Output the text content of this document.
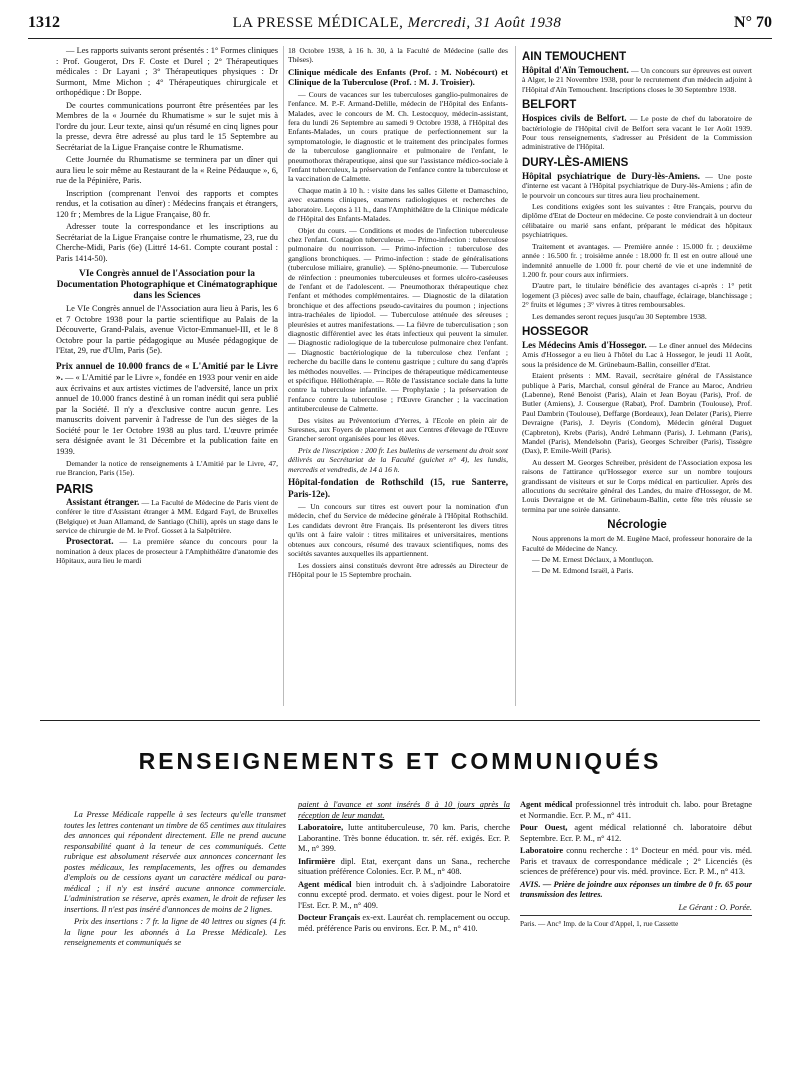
1312	LA PRESSE MÉDICALE, Mercredi, 31 Août 1938	N° 70

— Les rapports suivants seront présentés : 1° Formes cliniques : Prof. Gougerot, Drs F. Coste et Durel ; 2° Thérapeutiques médicales : Dr Layani ; 3° Thérapeutiques physiques : Dr Surmont, Mme Michon ; 4° Thérapeutiques chirurgicale et orthopédique : Dr Boppe.

De courtes communications pourront être présentées par les Membres de la « Journée du Rhumatisme » sur le sujet mis à l'ordre du jour. Leur texte, ainsi qu'un résumé en cinq lignes pour la presse, devra être adressé au plus tard le 15 Septembre au Secrétariat de la Ligue Française contre le Rhumatisme.

Cette Journée du Rhumatisme se terminera par un dîner qui aura lieu le soir même au Restaurant de la « Reine Pédauque », 6, rue de la Pépinière, Paris.

Inscription (comprenant l'envoi des rapports et comptes rendus, et la cotisation au dîner) : Médecins français et étrangers, 120 fr ; Membres de la Ligue Française, 80 fr.

Adresser toute la correspondance et les inscriptions au Secrétariat de la Ligue Française contre le rhumatisme, 23, rue du Cherche-Midi, Paris (6e) (Littré 14-61. Compte courant postal : Paris 1414-50).

VIe Congrès annuel de l'Association pour la Documentation Photographique et Cinématographique dans les Sciences

Le VIe Congrès annuel de l'Association aura lieu à Paris, les 6 et 7 Octobre 1938 pour la partie scientifique au Palais de la Découverte, Grand-Palais, avenue Victor-Emmanuel-III, et le 8 Octobre pour la partie pédagogique au Musée pédagogique de l'Etat, 29, rue d'Ulm, Paris (5e).

Prix annuel de 10.000 francs de « L'Amitié par le Livre ». — « L'Amitié par le Livre », fondée en 1933 pour venir en aide aux écrivains et aux artistes victimes de l'adversité, lance un prix annuel de 10.000 francs destiné à un roman inédit qui sera publié par la Société. Il n'y a d'exclusive contre aucun genre. Les manuscrits doivent parvenir à l'adresse de l'un des sièges de la Société pour le 1er Octobre 1938 au plus tard. L'œuvre primée sera désignée avant le 31 Décembre et la publication faite en 1939.

Demander la notice de renseignements à L'Amitié par le Livre, 47, rue Brancion, Paris (15e).

PARIS

Assistant étranger. — La Faculté de Médecine de Paris vient de conférer le titre d'Assistant étranger à MM. Edgard Fayl, de Bruxelles (Belgique) et Juan Allamand, de Santiago (Chili), après un stage dans le service de chirurgie de M. le Prof. Gosset à la Salpêtrière.

Prosectorat. — La première séance du concours pour la nomination à deux places de prosecteur à l'Amphithéâtre d'anatomie des Hôpitaux, aura lieu le mardi

18 Octobre 1938, à 16 h. 30, à la Faculté de Médecine (salle des Thèses).

Clinique médicale des Enfants (Prof. : M. Nobécourt) et Clinique de la Tuberculose (Prof. : M. J. Troisier).

— Cours de vacances sur les tuberculoses ganglio-pulmonaires de l'enfance. M. P.-F. Armand-Delille, médecin de l'Hôpital des Enfants-Malades, avec le concours de M. Ch. Lestocquoy, médecin-assistant, fera du lundi 26 Septembre au samedi 9 Octobre 1938, à l'Hôpital des Enfants-Malades, un cours pratique de perfectionnement sur la symptomatologie, le diagnostic et le traitement des principales formes de la tuberculose ganglionnaire et pulmonaire de l'enfant, le pneumothorax thérapeutique, ainsi que sur l'assistance médico-sociale à l'enfant tuberculeux, la préservation de l'enfance contre la tuberculose et la vaccination de Calmette.

Chaque matin à 10 h. : visite dans les salles Gilette et Damaschino, avec examens cliniques, examens radiologiques et recherches de laboratoire. Leçons à 11 h., dans l'Amphithéâtre de la Clinique médicale de l'Hôpital des Enfants-Malades.

Objet du cours. — Conditions et modes de l'infection tuberculeuse chez l'enfant. Contagion tuberculeuse. — Primo-infection : tuberculose pulmonaire du nourrisson. — Primo-infection : tuberculose des ganglions bronchiques. — Primo-infection : stade de généralisations (tuberculose miliaire, granulie). — Spléno-pneumonie. — Tuberculose de réinfection : pneumonies tuberculeuses et formes ulcéro-caséeuses de l'enfant et de l'adolescent. — Pneumothorax thérapeutique chez l'enfant et méthodes complémentaires. — Diagnostic de la dilatation bronchique et des affections pseudo-cavitaires du poumon ; injections intra-trachéales de lipiodol. — Tuberculose atténuée des séreuses ; pleurésies et autres manifestations. — La fièvre de tuberculisation ; son diagnostic différentiel avec les états infectieux qui peuvent la simuler. — Diagnostic radiologique de la tuberculose pulmonaire chez l'enfant. — Diagnostic bactériologique de la tuberculose chez l'enfant ; recherche du bacille dans le contenu gastrique ; culture du sang d'après les méthodes nouvelles. — Principes de thérapeutique médicamenteuse et spécifique. Héliothérapie. — Rôle de l'assistance sociale dans la lutte contre la tuberculose infantile. — Prophylaxie ; la préservation de l'enfance contre la tuberculose ; l'Œuvre Grancher ; la vaccination antituberculeuse de Calmette.

Des visites au Préventorium d'Yerres, à l'Ecole en plein air de Suresnes, aux Foyers de placement et aux Centres d'élevage de l'Œuvre Grancher seront organisées pour les élèves.

Prix de l'inscription : 200 fr. Les bulletins de versement du droit sont délivrés au Secrétariat de la Faculté (guichet n° 4), les lundis, mercredis et vendredis, de 14 à 16 h.

Hôpital-fondation de Rothschild (15, rue Santerre, Paris-12e).

— Un concours sur titres est ouvert pour la nomination d'un médecin, chef du Service de médecine générale à l'Hôpital Rothschild. Les candidats devront être Français. Ils présenteront les divers titres qu'ils ont à faire valoir : titres militaires et universitaires, mentions obtenues aux concours, résumé des travaux scientifiques, noms des sociétés savantes auxquelles ils appartiennent.

Les dossiers ainsi constitués devront être adressés au Directeur de l'Hôpital pour le 15 Septembre prochain.

AIN TEMOUCHENT

Hôpital d'Aïn Temouchent. — Un concours sur épreuves est ouvert à Alger, le 21 Novembre 1938, pour le recrutement d'un médecin adjoint à l'Hôpital d'Aïn Temouchent. Inscriptions closes le 30 Septembre 1938.

BELFORT

Hospices civils de Belfort. — Le poste de chef du laboratoire de bactériologie de l'Hôpital civil de Belfort sera vacant le 1er Août 1939. Pour tous renseignements, s'adresser au Président de la Commission administrative de l'Hôpital.

DURY-LÈS-AMIENS

Hôpital psychiatrique de Dury-lès-Amiens. — Une poste d'interne est vacant à l'Hôpital psychiatrique de Dury-lès-Amiens ; afin de le pourvoir un concours sur titres aura lieu prochainement.

Les conditions exigées sont les suivantes : être Français, pourvu du diplôme d'Etat de Docteur en médecine. Ce poste conviendrait à un docteur célibataire ou marié sans enfant, préparant le médicat des hôpitaux psychiatriques.

Traitement et avantages. — Première année : 15.000 fr. ; deuxième année : 16.500 fr. ; troisième année : 18.000 fr. Il est en outre alloué une indemnité annuelle de 1.000 fr. pour cherté de vie et une indemnité de 1.200 fr. pour cours aux infirmiers.

D'autre part, le titulaire bénéficie des avantages ci-après : 1° petit logement (3 pièces) avec salle de bain, chauffage, éclairage, blanchissage ; 2° fruits et légumes ; 3° vivres à titres remboursables.

Les demandes seront reçues jusqu'au 30 Septembre 1938.

HOSSEGOR

Les Médecins Amis d'Hossegor. — Le dîner annuel des Médecins Amis d'Hossegor a eu lieu à l'hôtel du Lac à Hossegor, le jeudi 11 Août, sous la présidence de M. Grünebaum-Ballin, conseiller d'Etat.

Etaient présents : MM. Ravail, secrétaire général de l'Assistance publique à Paris, Marchal, consul général de France au Maroc, Andrieu (Labenne), René Benoist (Paris), Alain et Jean Boyau (Paris), Prof. de Butler (Amiens), J. Cousergue (Rabat), Prof. Dambrin (Toulouse), Prof. Paul Dambrin (Toulouse), Deffarge (Bordeaux), Jean Delater (Paris), Pierre Devraigne (Paris), J. Deyris (Condom), Médecin général Duguet (Capbreton), Krebs (Paris), André Lehmann (Paris), J. Lehmann (Paris), Mandel (Paris), Mendelsohn (Paris), Georges Schreiber (Paris), Tissègre (Dax), P. Emile-Weill (Paris).

Au dessert M. Georges Schreiber, président de l'Association exposa les raisons de l'attirance qu'Hossegor exerce sur un nombre toujours grandissant de visiteurs et sur le Corps médical en particulier. Après des allocutions du secrétaire général des Landes, du maire d'Hossegor, de M. Louis Devraigne et de M. Grünebaum-Ballin, cette fête très réussie se termina par une soirée dansante.

Nécrologie

Nous apprenons la mort de M. Eugène Macé, professeur honoraire de la Faculté de Médecine de Nancy.

— De M. Ernest Déclaux, à Montluçon.

— De M. Edmond Israël, à Paris.

RENSEIGNEMENTS ET COMMUNIQUÉS

La Presse Médicale rappelle à ses lecteurs qu'elle transmet toutes les lettres contenant un timbre de 65 centimes aux titulaires des annonces qui répondent directement. Elle ne prend aucune responsabilité quant à la teneur de ces communiqués. Cette rubrique est absolument réservée aux annonces concernant les postes médicaux, les remplacements, les offres ou demandes d'emplois ou de cessions ayant un caractère médical ou para-médical ; il n'y est inséré aucune annonce commerciale. L'administration se réserve, après examen, le droit de refuser les insertions. Il n'est pas inséré d'annonces de moins de 2 lignes.

Prix des insertions : 7 fr. la ligne de 40 lettres ou signes (4 fr. la ligne pour les abonnés à La Presse Médicale). Les renseignements et communiqués se

paient à l'avance et sont insérés 8 à 10 jours après la réception de leur mandat.

Laboratoire, lutte antituberculeuse, 70 km. Paris, cherche Laborantine. Très bonne éducation. tr. sér. réf. exigés. Ecr. P. M., n° 399.

Infirmière dipl. Etat, exerçant dans un Sana., recherche situation préférence Colonies. Ecr. P. M., n° 408.

Agent médical bien introduit ch. à s'adjoindre Laboratoire connu excepté prod. dermato. et voies digest. pour le Nord et l'Est. Ecr. P. M., n° 409.

Docteur Français ex-ext. Lauréat ch. remplacement ou occup. méd. préférence Paris ou environs. Ecr. P. M., n° 410.

Agent médical professionnel très introduit ch. labo. pour Bretagne et Normandie. Ecr. P. M., n° 411.

Pour Ouest, agent médical relationné ch. laboratoire début Septembre. Ecr. P. M., n° 412.

Laboratoire connu recherche : 1° Docteur en méd. pour vis. méd. Paris et travaux de correspondance médicale ; 2° Licenciés (ès sciences de préférence) pour vis. méd. province. Ecr. P. M., n° 413.

AVIS. — Prière de joindre aux réponses un timbre de 0 fr. 65 pour transmission des lettres.

Le Gérant : O. Porée.

Paris. — Anc° Imp. de la Cour d'Appel, 1, rue Cassette
